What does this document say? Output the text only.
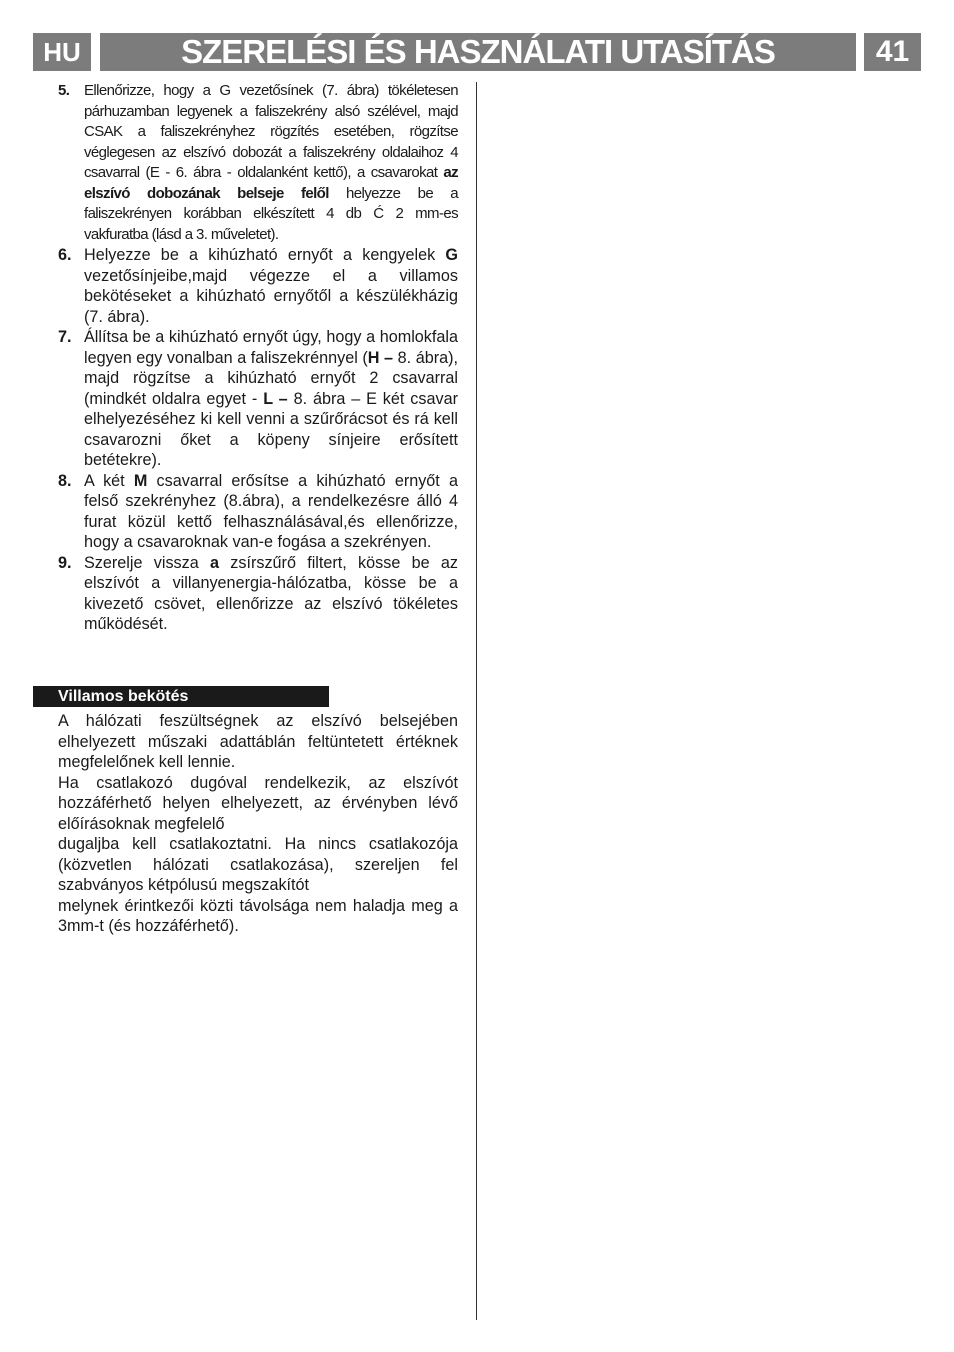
HU	SZERELÉSI ÉS HASZNÁLATI UTASÍTÁS	41
5. Ellenőrizze, hogy a G vezetősínek (7. ábra) tökéletesen párhuzamban legyenek a faliszekrény alsó szélével, majd CSAK a faliszekrényhez rögzítés esetében, rögzítse véglegesen az elszívó dobozát a faliszekrény oldalaihoz 4 csavarral (E - 6. ábra - oldalanként kettő), a csavarokat az elszívó dobozának belseje felől helyezze be a faliszekrényen korábban elkészített 4 db Ć 2 mm-es vakfuratba (lásd a 3. műveletet).
6. Helyezze be a kihúzható ernyőt a kengyelek G vezetősínjeibe,majd végezze el a villamos bekötéseket a kihúzható ernyőtől a készülékházig (7. ábra).
7. Állítsa be a kihúzható ernyőt úgy, hogy a homlokfala legyen egy vonalban a faliszekrénnyel (H – 8. ábra), majd rögzítse a kihúzható ernyőt 2 csavarral (mindkét oldalra egyet - L – 8. ábra – E két csavar elhelyezéséhez ki kell venni a szűrőrácsot és rá kell csavarozni őket a köpeny sínjeire erősített betétekre).
8. A két M csavarral erősítse a kihúzható ernyőt a felső szekrényhez (8.ábra), a rendelkezésre álló 4 furat közül kettő felhasználásával,és ellenőrizze, hogy a csavaroknak van-e fogása a szekrényen.
9. Szerelje vissza a zsírszűrő filtert, kösse be az elszívót a villanyenergia-hálózatba, kösse be a kivezető csövet, ellenőrizze az elszívó tökéletes működését.
Villamos bekötés

A hálózati feszültségnek az elszívó belsejében elhelyezett műszaki adattáblán feltüntetett értéknek megfelelőnek kell lennie.

Ha csatlakozó dugóval rendelkezik, az elszívót hozzáférhető helyen elhelyezett, az érvényben lévő előírásoknak megfelelő

dugaljba kell csatlakoztatni. Ha nincs csatlakozója (közvetlen hálózati csatlakozása), szereljen fel szabványos kétpólusú megszakítót

melynek érintkezői közti távolsága nem haladja meg a 3mm-t (és hozzáférhető).
